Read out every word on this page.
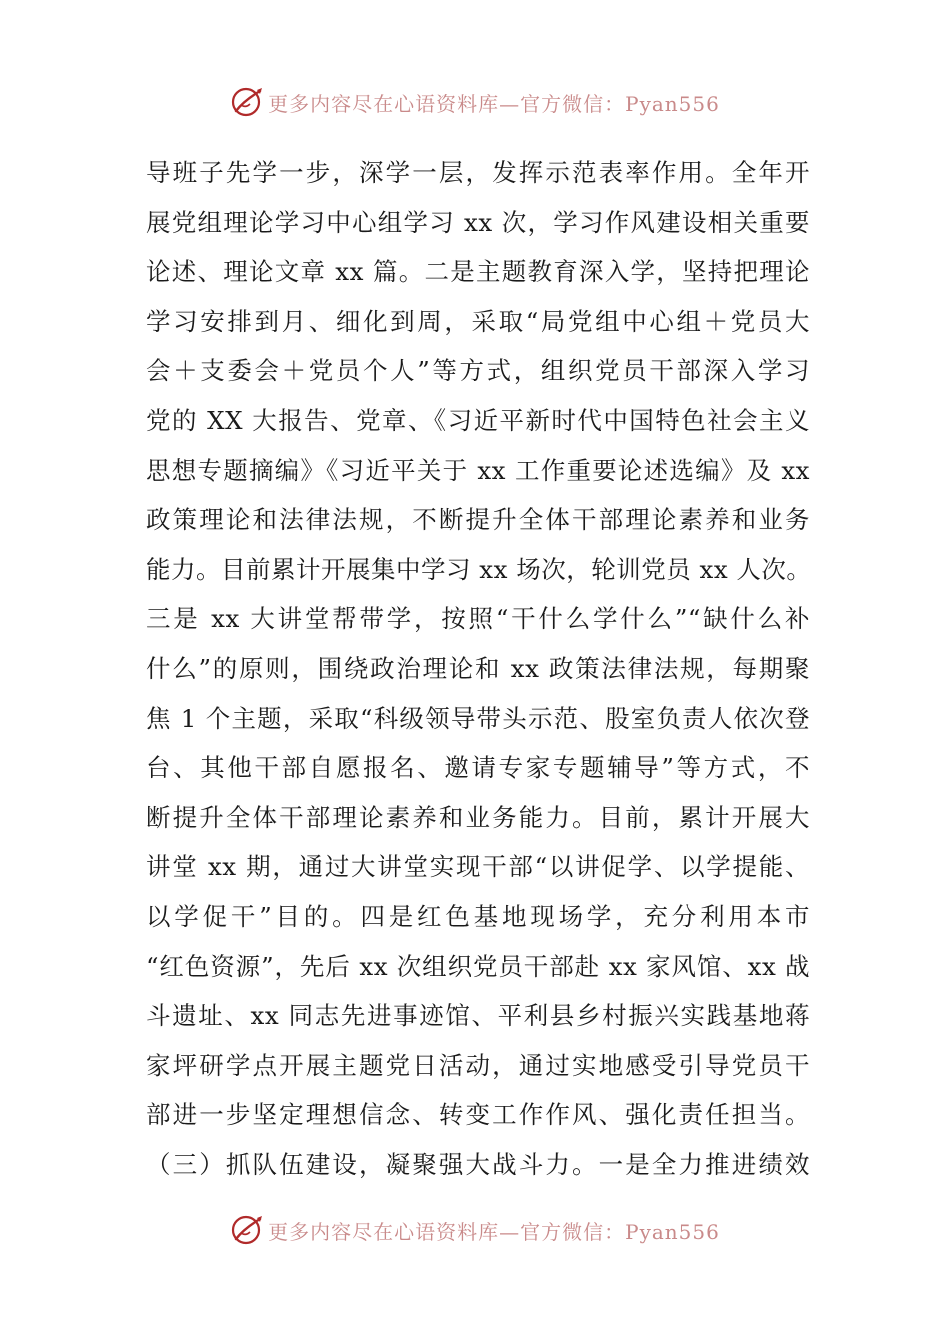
更多内容尽在心语资料库—官方微信：Pyan556
导班子先学一步，深学一层，发挥示范表率作用。全年开
展党组理论学习中心组学习 xx 次，学习作风建设相关重要
论述、理论文章 xx 篇。二是主题教育深入学，坚持把理论
学习安排到月、细化到周，采取“局党组中心组＋党员大
会＋支委会＋党员个人”等方式，组织党员干部深入学习
党的 XX 大报告、党章、《习近平新时代中国特色社会主义
思想专题摘编》《习近平关于 xx 工作重要论述选编》及 xx
政策理论和法律法规，不断提升全体干部理论素养和业务
能力。目前累计开展集中学习 xx 场次，轮训党员 xx 人次。
三是 xx 大讲堂帮带学，按照“干什么学什么”“缺什么补
什么”的原则，围绕政治理论和 xx 政策法律法规，每期聚
焦 1 个主题，采取“科级领导带头示范、股室负责人依次登
台、其他干部自愿报名、邀请专家专题辅导”等方式，不
断提升全体干部理论素养和业务能力。目前，累计开展大
讲堂 xx 期，通过大讲堂实现干部“以讲促学、以学提能、
以学促干”目的。四是红色基地现场学，充分利用本市
“红色资源”，先后 xx 次组织党员干部赴 xx 家风馆、xx 战
斗遗址、xx 同志先进事迹馆、平利县乡村振兴实践基地蒋
家坪研学点开展主题党日活动，通过实地感受引导党员干
部进一步坚定理想信念、转变工作作风、强化责任担当。
（三）抓队伍建设，凝聚强大战斗力。一是全力推进绩效
更多内容尽在心语资料库—官方微信：Pyan556
